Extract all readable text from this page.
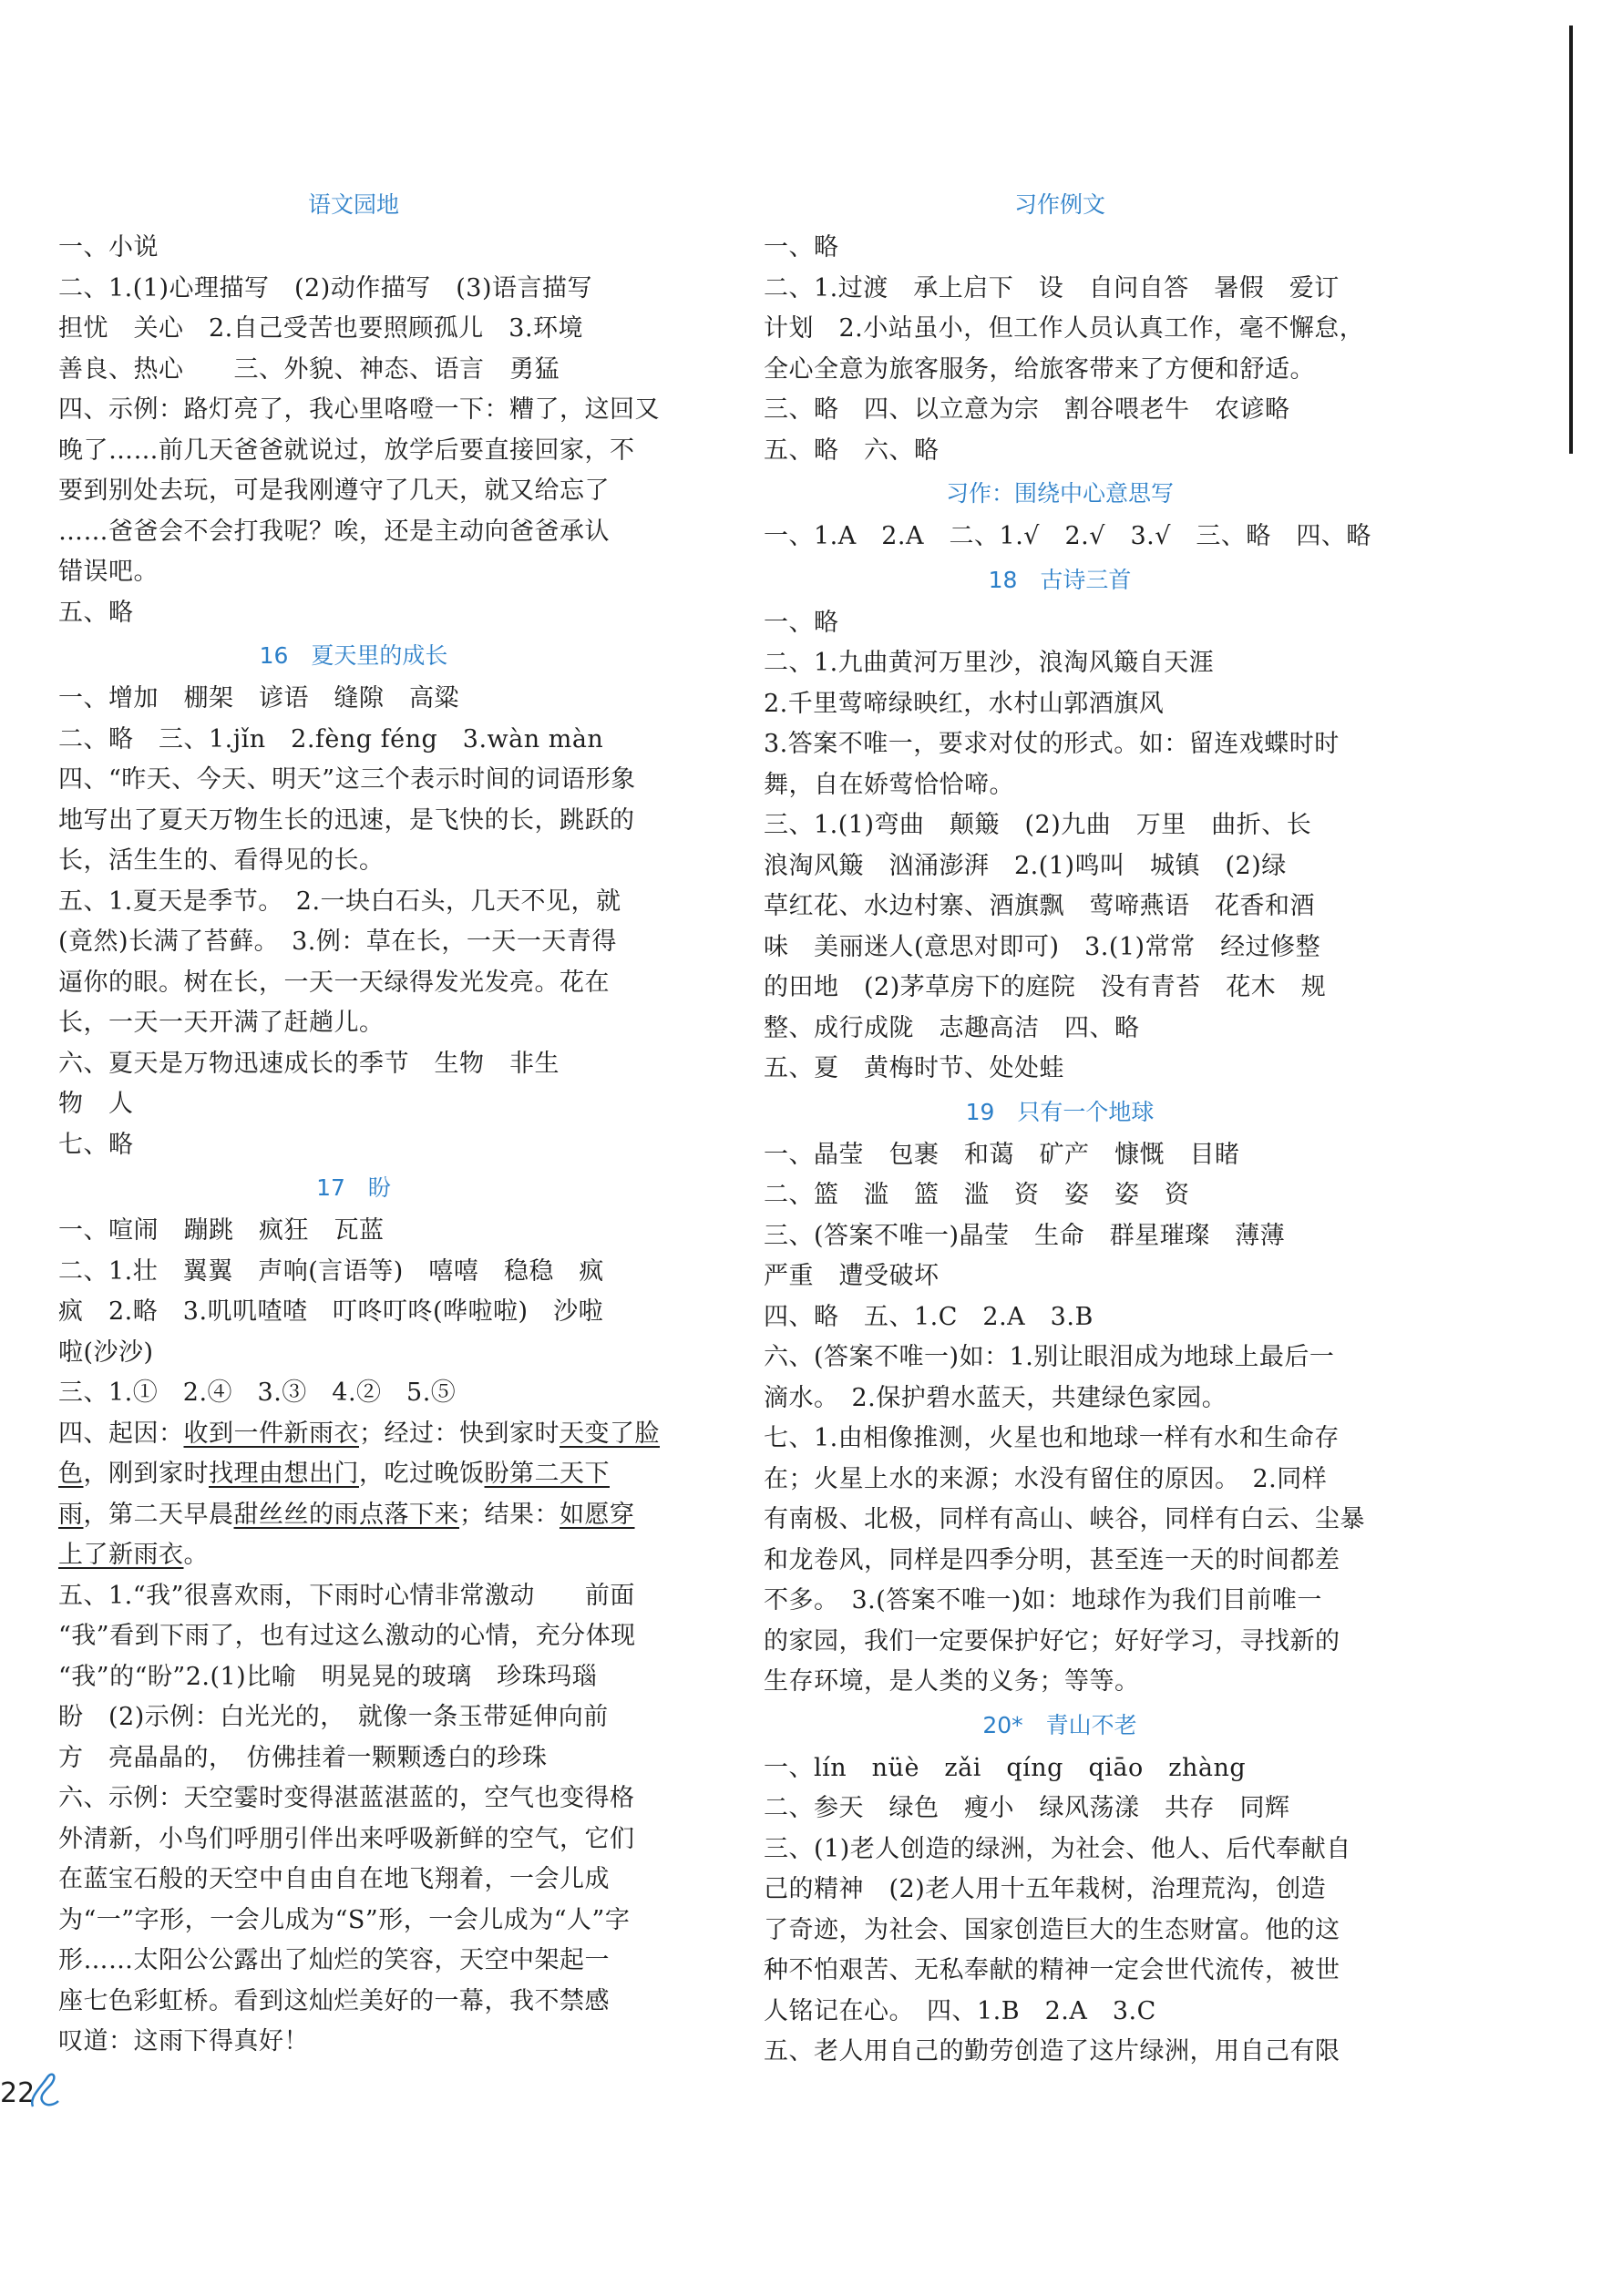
语文园地
一、小说
二、1.(1)心理描写　(2)动作描写　(3)语言描写
担忧　关心　2.自己受苦也要照顾孤儿　3.环境
善良、热心　　三、外貌、神态、语言　勇猛
四、示例：路灯亮了，我心里咯噔一下：糟了，这回又
晚了……前几天爸爸就说过，放学后要直接回家，不
要到别处去玩，可是我刚遵守了几天，就又给忘了
……爸爸会不会打我呢？唉，还是主动向爸爸承认
错误吧。
五、略
16　夏天里的成长
一、增加　棚架　谚语　缝隙　高粱
二、略　三、1.jǐn　2.fèng féng　3.wàn màn
四、“昨天、今天、明天”这三个表示时间的词语形象
地写出了夏天万物生长的迅速，是飞快的长，跳跃的
长，活生生的、看得见的长。
五、1.夏天是季节。　2.一块白石头，几天不见，就
(竟然)长满了苔藓。　3.例：草在长，一天一天青得
逼你的眼。树在长，一天一天绿得发光发亮。花在
长，一天一天开满了赶趟儿。
六、夏天是万物迅速成长的季节　生物　非生
物　人
七、略
17　盼
一、喧闹　蹦跳　疯狂　瓦蓝
二、1.壮　翼翼　声响(言语等)　嘻嘻　稳稳　疯
疯　2.略　3.叽叽喳喳　叮咚叮咚(哗啦啦)　沙啦
啦(沙沙)
三、1.①　2.④　3.③　4.②　5.⑤
四、起因：收到一件新雨衣；经过：快到家时天变了脸
色，刚到家时找理由想出门，吃过晚饭盼第二天下
雨，第二天早晨甜丝丝的雨点落下来；结果：如愿穿
上了新雨衣。
五、1.“我”很喜欢雨，下雨时心情非常激动　　前面
“我”看到下雨了，也有过这么激动的心情，充分体现
“我”的“盼”2.(1)比喻　明晃晃的玻璃　珍珠玛瑙
盼　(2)示例：白光光的，　就像一条玉带延伸向前
方　亮晶晶的，　仿佛挂着一颗颗透白的珍珠
六、示例：天空霎时变得湛蓝湛蓝的，空气也变得格
外清新，小鸟们呼朋引伴出来呼吸新鲜的空气，它们
在蓝宝石般的天空中自由自在地飞翔着，一会儿成
为“一”字形，一会儿成为“S”形，一会儿成为“人”字
形……太阳公公露出了灿烂的笑容，天空中架起一
座七色彩虹桥。看到这灿烂美好的一幕，我不禁感
叹道：这雨下得真好！
习作例文
一、略
二、1.过渡　承上启下　设　自问自答　暑假　爱订
计划　2.小站虽小，但工作人员认真工作，毫不懈怠，
全心全意为旅客服务，给旅客带来了方便和舒适。
三、略　四、以立意为宗　割谷喂老牛　农谚略
五、略　六、略
习作：围绕中心意思写
一、1.A　2.A　二、1.√　2.√　3.√　三、略　四、略
18　古诗三首
一、略
二、1.九曲黄河万里沙，浪淘风簸自天涯
2.千里莺啼绿映红，水村山郭酒旗风
3.答案不唯一，要求对仗的形式。如：留连戏蝶时时
舞，自在娇莺恰恰啼。
三、1.(1)弯曲　颠簸　(2)九曲　万里　曲折、长
浪淘风簸　汹涌澎湃　2.(1)鸣叫　城镇　(2)绿
草红花、水边村寨、酒旗飘　莺啼燕语　花香和酒
味　美丽迷人(意思对即可)　3.(1)常常　经过修整
的田地　(2)茅草房下的庭院　没有青苔　花木　规
整、成行成陇　志趣高洁　四、略
五、夏　黄梅时节、处处蛙
19　只有一个地球
一、晶莹　包裹　和蔼　矿产　慷慨　目睹
二、篮　滥　篮　滥　资　姿　姿　资
三、(答案不唯一)晶莹　生命　群星璀璨　薄薄
严重　遭受破坏
四、略　五、1.C　2.A　3.B
六、(答案不唯一)如：1.别让眼泪成为地球上最后一
滴水。　2.保护碧水蓝天，共建绿色家园。
七、1.由相像推测，火星也和地球一样有水和生命存
在；火星上水的来源；水没有留住的原因。　2.同样
有南极、北极，同样有高山、峡谷，同样有白云、尘暴
和龙卷风，同样是四季分明，甚至连一天的时间都差
不多。　3.(答案不唯一)如：地球作为我们目前唯一
的家园，我们一定要保护好它；好好学习，寻找新的
生存环境，是人类的义务；等等。
20*　青山不老
一、lín　nüè　zǎi　qíng　qiāo　zhàng
二、参天　绿色　瘦小　绿风荡漾　共存　同辉
三、(1)老人创造的绿洲，为社会、他人、后代奉献自
己的精神　(2)老人用十五年栽树，治理荒沟，创造
了奇迹，为社会、国家创造巨大的生态财富。他的这
种不怕艰苦、无私奉献的精神一定会世代流传，被世
人铭记在心。　四、1.B　2.A　3.C
五、老人用自己的勤劳创造了这片绿洲，用自己有限
22
